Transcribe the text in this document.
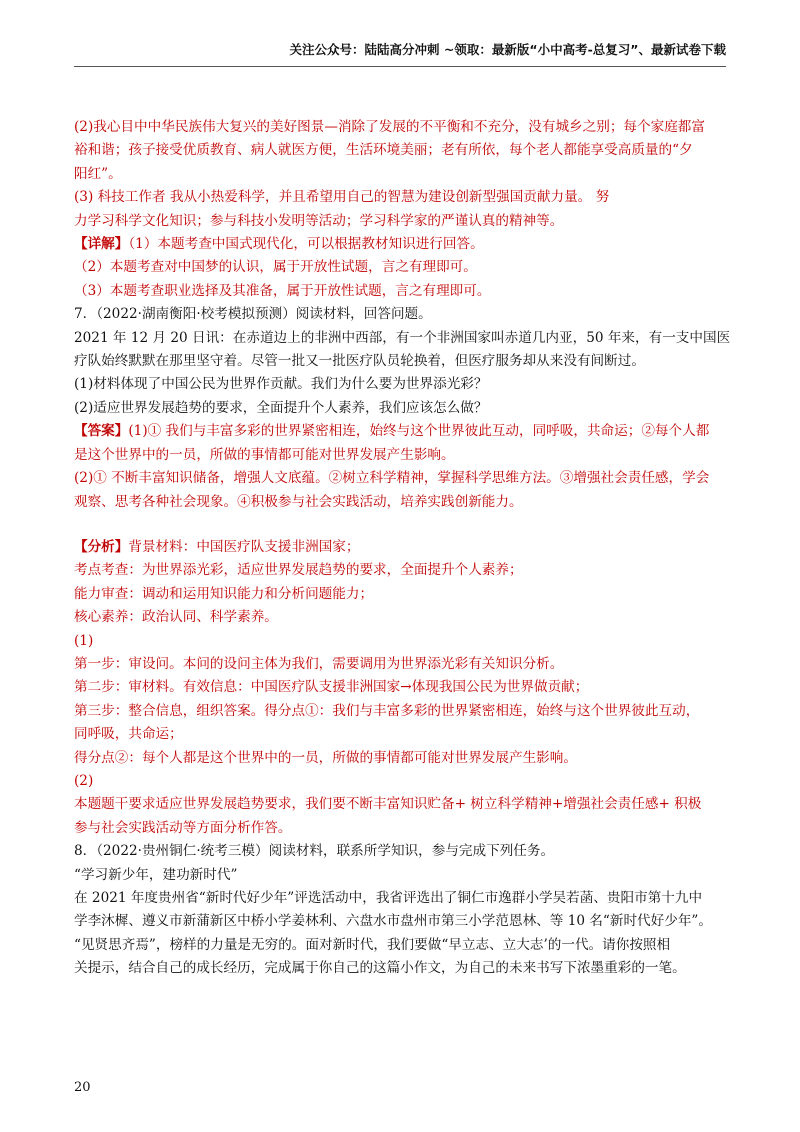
关注公众号：陆陆高分冲刺 ~领取：最新版“小中高考-总复习”、最新试卷下载
(2)我心目中中华民族伟大复兴的美好图景—消除了发展的不平衡和不充分，没有城乡之别；每个家庭都富
裕和谐；孩子接受优质教育、病人就医方便，生活环境美丽；老有所依，每个老人都能享受高质量的“夕
阳红”。
(3) 科技工作者 我从小热爱科学，并且希望用自己的智慧为建设创新型强国贡献力量。 努
力学习科学文化知识；参与科技小发明等活动；学习科学家的严谨认真的精神等。
【详解】（1）本题考查中国式现代化，可以根据教材知识进行回答。
（2）本题考查对中国梦的认识，属于开放性试题，言之有理即可。
（3）本题考查职业选择及其准备，属于开放性试题，言之有理即可。
7．（2022·湖南衡阳·校考模拟预测）阅读材料，回答问题。
2021 年 12 月 20 日讯：在赤道边上的非洲中西部，有一个非洲国家叫赤道几内亚，50 年来，有一支中国医
疗队始终默默在那里坚守着。尽管一批又一批医疗队员轮换着，但医疗服务却从来没有间断过。
(1)材料体现了中国公民为世界作贡献。我们为什么要为世界添光彩？
(2)适应世界发展趋势的要求，全面提升个人素养，我们应该怎么做？
【答案】(1)① 我们与丰富多彩的世界紧密相连，始终与这个世界彼此互动，同呼吸，共命运；②每个人都
是这个世界中的一员，所做的事情都可能对世界发展产生影响。
(2)① 不断丰富知识储备，增强人文底蕴。②树立科学精神，掌握科学思维方法。③增强社会责任感，学会
观察、思考各种社会现象。④积极参与社会实践活动，培养实践创新能力。
【分析】背景材料：中国医疗队支援非洲国家；
考点考查：为世界添光彩，适应世界发展趋势的要求，全面提升个人素养；
能力审查：调动和运用知识能力和分析问题能力；
核心素养：政治认同、科学素养。
(1)
第一步：审设问。本问的设问主体为我们，需要调用为世界添光彩有关知识分析。
第二步：审材料。有效信息：中国医疗队支援非洲国家→体现我国公民为世界做贡献；
第三步：整合信息，组织答案。得分点①：我们与丰富多彩的世界紧密相连，始终与这个世界彼此互动，
同呼吸，共命运；
得分点②：每个人都是这个世界中的一员，所做的事情都可能对世界发展产生影响。
(2)
本题题干要求适应世界发展趋势要求，我们要不断丰富知识贮备+ 树立科学精神+增强社会责任感+ 积极
参与社会实践活动等方面分析作答。
8．（2022·贵州铜仁·统考三模）阅读材料，联系所学知识，参与完成下列任务。
“学习新少年，建功新时代”
在 2021 年度贵州省“新时代好少年”评选活动中，我省评选出了铜仁市逸群小学吴若菡、贵阳市第十九中
学李沐樨、遵义市新蒲新区中桥小学姜林利、六盘水市盘州市第三小学范恩林、等 10 名“新时代好少年”。
“见贤思齐焉”，榜样的力量是无穷的。面对新时代，我们要做“早立志、立大志’的一代。请你按照相
关提示，结合自己的成长经历，完成属于你自己的这篇小作文，为自己的未来书写下浓墨重彩的一笔。
20
